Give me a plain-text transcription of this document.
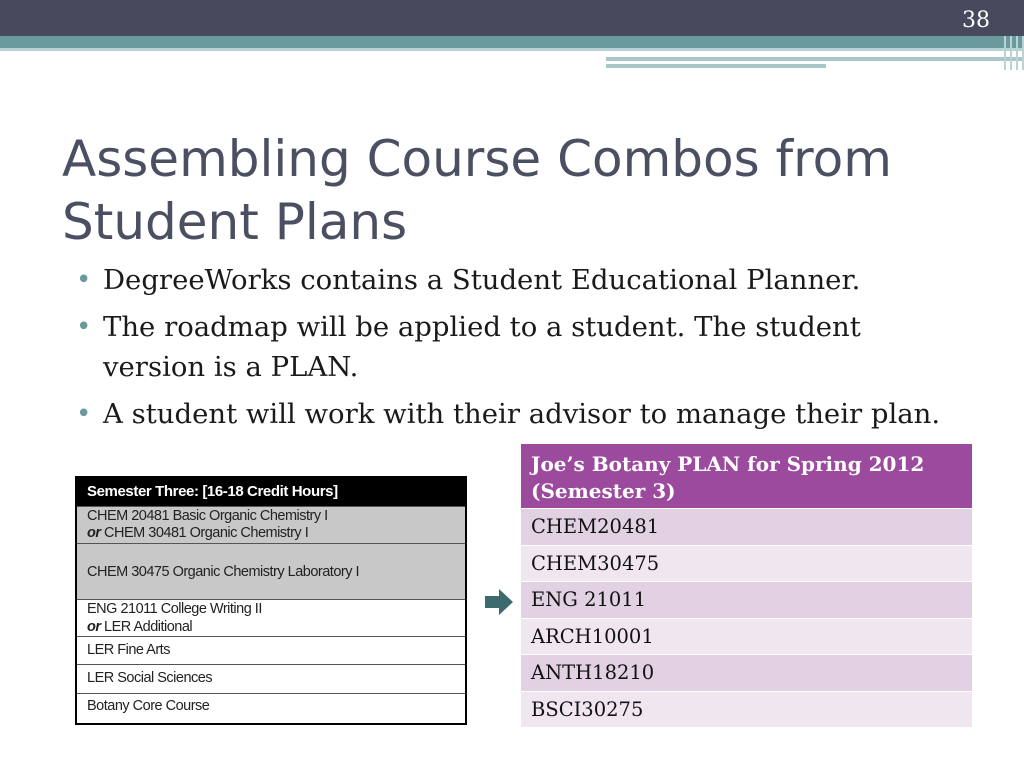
38
Assembling Course Combos from Student Plans
• DegreeWorks contains a Student Educational Planner.
• The roadmap will be applied to a student. The student version is a PLAN.
• A student will work with their advisor to manage their plan.
Semester Three: [16-18 Credit Hours]
CHEM 20481 Basic Organic Chemistry I
or CHEM 30481 Organic Chemistry I
CHEM 30475 Organic Chemistry Laboratory I
ENG 21011 College Writing II
or LER Additional
LER Fine Arts
LER Social Sciences
Botany Core Course
Joe’s Botany PLAN for Spring 2012 (Semester 3)
CHEM20481
CHEM30475
ENG 21011
ARCH10001
ANTH18210
BSCI30275
